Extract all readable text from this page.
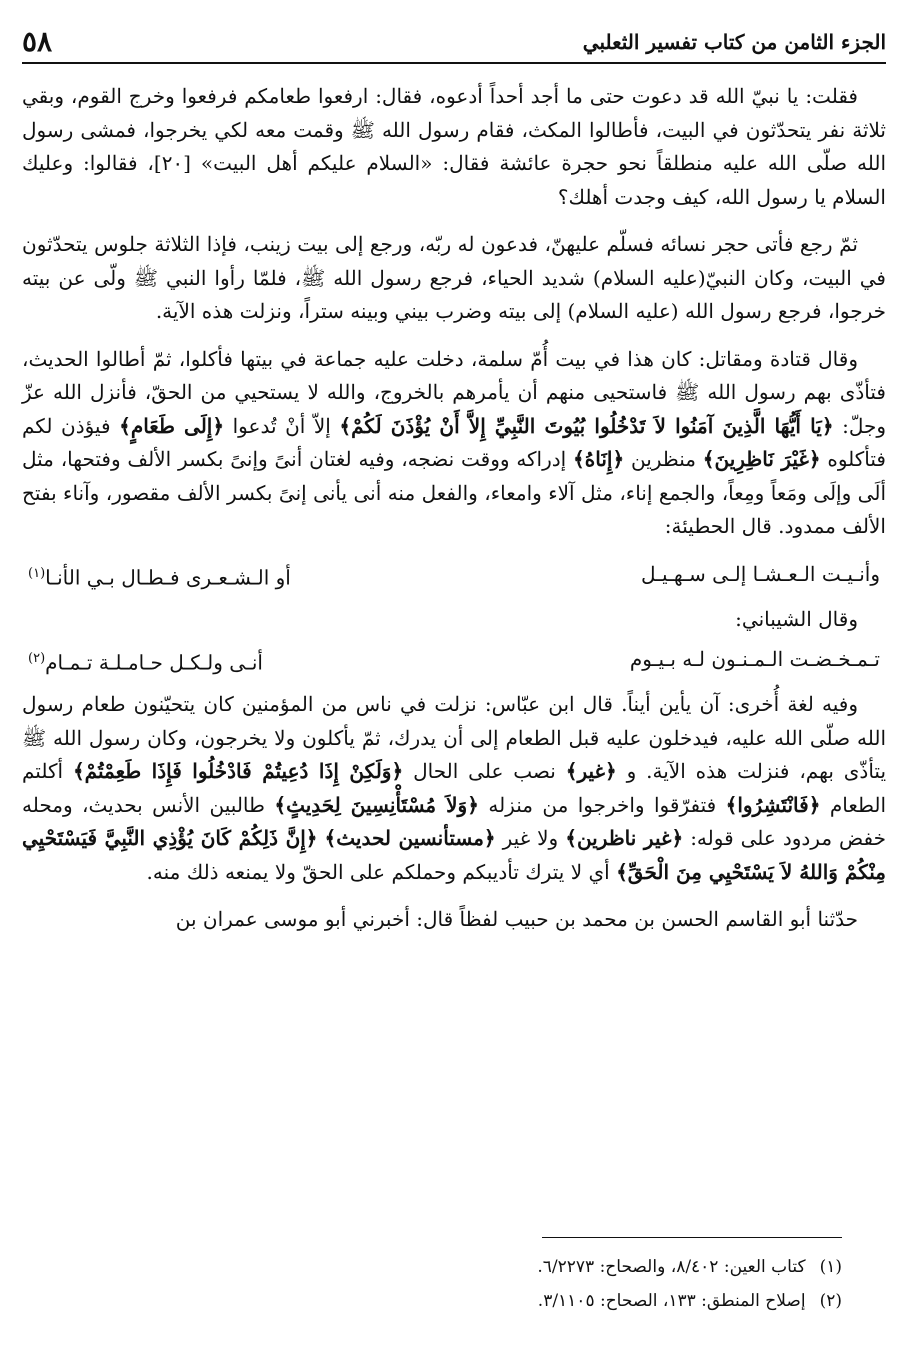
الجزء الثامن من كتاب تفسير الثعلبي
٥٨

فقلت: يا نبيّ الله قد دعوت حتى ما أجد أحداً أدعوه، فقال: ارفعوا طعامكم فرفعوا وخرج القوم، وبقي ثلاثة نفر يتحدّثون في البيت، فأطالوا المكث، فقام رسول الله ﷺ وقمت معه لكي يخرجوا، فمشى رسول الله صلّى الله عليه منطلقاً نحو حجرة عائشة فقال: «السلام عليكم أهل البيت» [٢٠]، فقالوا: وعليك السلام يا رسول الله، كيف وجدت أهلك؟

ثمّ رجع فأتى حجر نسائه فسلّم عليهنّ، فدعون له ربّه، ورجع إلى بيت زينب، فإذا الثلاثة جلوس يتحدّثون في البيت، وكان النبيّ(عليه السلام) شديد الحياء، فرجع رسول الله ﷺ، فلمّا رأوا النبي ﷺ ولّى عن بيته خرجوا، فرجع رسول الله (عليه السلام) إلى بيته وضرب بيني وبينه ستراً، ونزلت هذه الآية.

وقال قتادة ومقاتل: كان هذا في بيت أُمّ سلمة، دخلت عليه جماعة في بيتها فأكلوا، ثمّ أطالوا الحديث، فتأذّى بهم رسول الله ﷺ فاستحيى منهم أن يأمرهم بالخروج، والله لا يستحيي من الحقّ، فأنزل الله عزّ وجلّ: ﴿يَا أَيُّهَا الَّذِينَ آمَنُوا لاَ تَدْخُلُوا بُيُوتَ النَّبِيِّ إِلاَّ أَنْ يُؤْذَنَ لَكُمْ﴾ إلاّ أنْ تُدعوا ﴿إِلَى طَعَامٍ﴾ فيؤذن لكم فتأكلوه ﴿غَيْرَ نَاظِرِينَ﴾ منظرين ﴿إِنَاهُ﴾ إدراكه ووقت نضجه، وفيه لغتان أنىً وإنىً بكسر الألف وفتحها، مثل ألَى وإلَى ومَعاً ومِعاً، والجمع إناء، مثل آلاء وامعاء، والفعل منه أنى يأنى إنىً بكسر الألف مقصور، وآناء بفتح الألف ممدود. قال الحطيئة:

وأنـيـت الـعـشـا إلـى سـهـيـل
أو الـشـعـرى فـطـال بـي الأنـا$^{(١)}$

وقال الشيباني:

تـمـخـضـت الـمـنـون لـه بـيـوم
أنـى ولـكـل حـامـلـة تـمـام$^{(٢)}$

وفيه لغة أُخرى: آن يأين أيناً. قال ابن عبّاس: نزلت في ناس من المؤمنين كان يتحيّنون طعام رسول الله صلّى الله عليه، فيدخلون عليه قبل الطعام إلى أن يدرك، ثمّ يأكلون ولا يخرجون، وكان رسول الله ﷺ يتأذّى بهم، فنزلت هذه الآية. و ﴿غير﴾ نصب على الحال ﴿وَلَكِنْ إِذَا دُعِيتُمْ فَادْخُلُوا فَإِذَا طَعِمْتُمْ﴾ أكلتم الطعام ﴿فَانْتَشِرُوا﴾ فتفرّقوا واخرجوا من منزله ﴿وَلاَ مُسْتَأْنِسِينَ لِحَدِيثٍ﴾ طالبين الأنس بحديث، ومحله خفض مردود على قوله: ﴿غير ناظرين﴾ ولا غير ﴿مستأنسين لحديث﴾ ﴿إِنَّ ذَلِكُمْ كَانَ يُؤْذِي النَّبِيَّ فَيَسْتَحْيِي مِنْكُمْ وَاللهُ لاَ يَسْتَحْيِي مِنَ الْحَقِّ﴾ أي لا يترك تأديبكم وحملكم على الحقّ ولا يمنعه ذلك منه.

حدّثنا أبو القاسم الحسن بن محمد بن حبيب لفظاً قال: أخبرني أبو موسى عمران بن

(١)
كتاب العين: ٨/٤٠٢، والصحاح: ٦/٢٢٧٣.
(٢)
إصلاح المنطق: ١٣٣، الصحاح: ٣/١١٠٥.
